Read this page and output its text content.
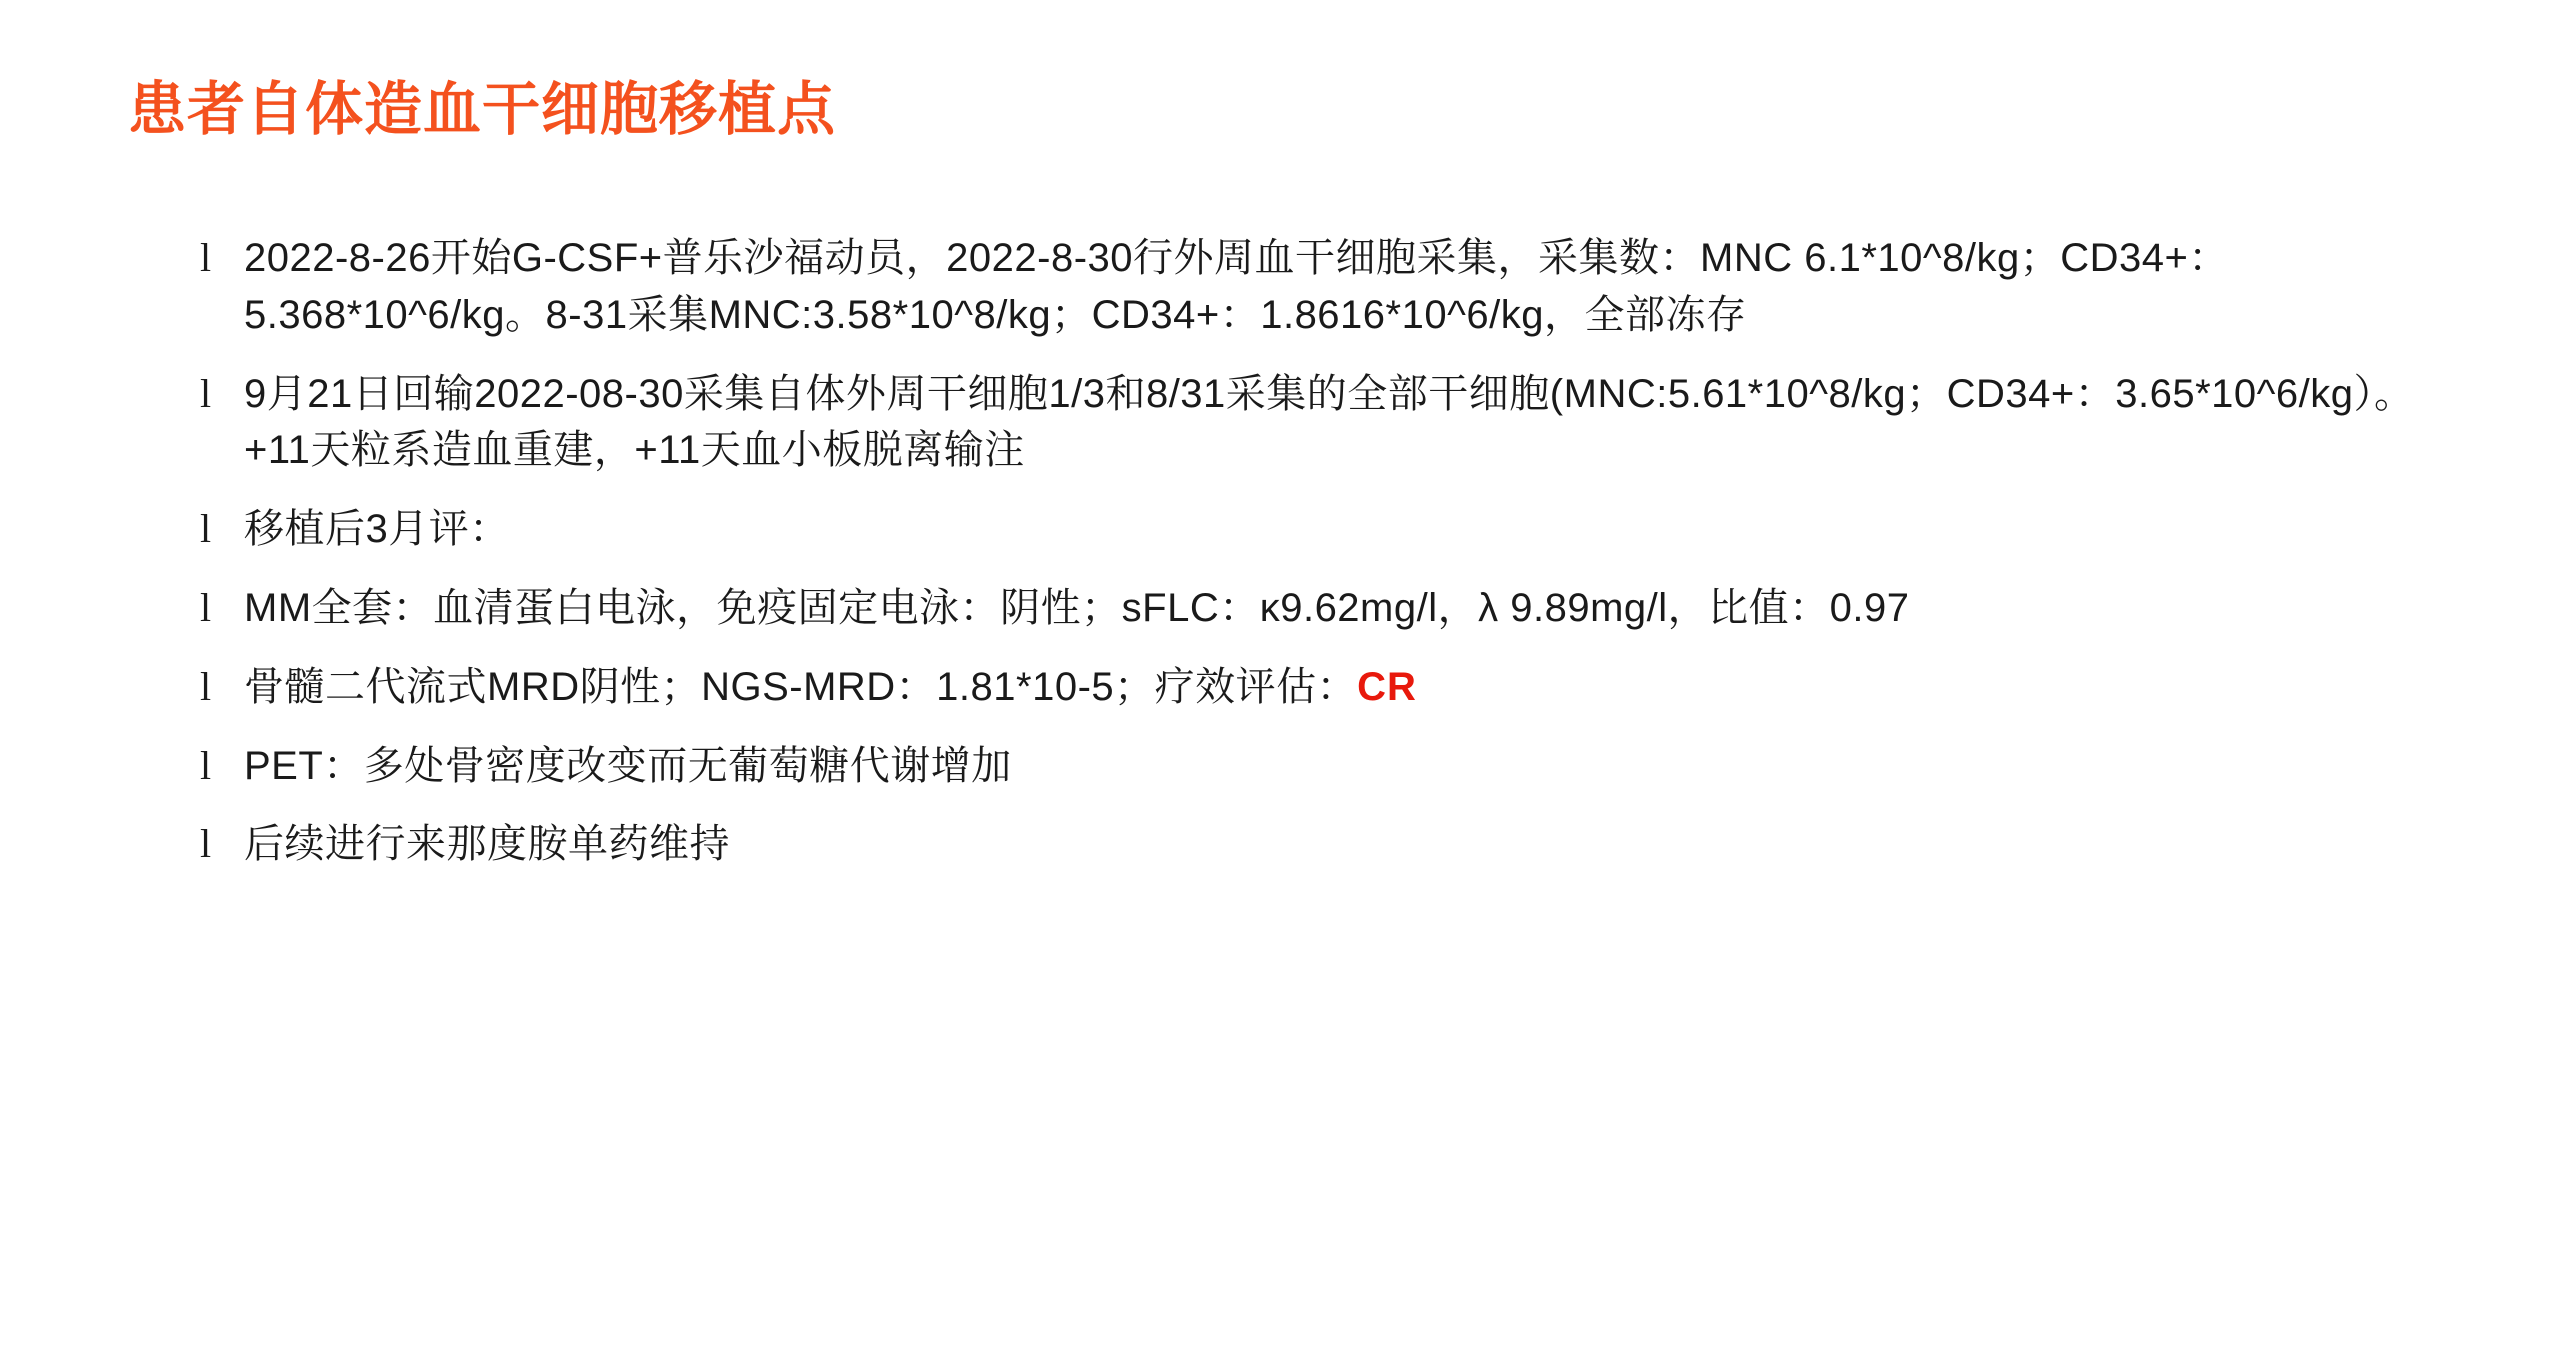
患者自体造血干细胞移植点
l 2022-8-26开始G-CSF+普乐沙福动员，2022-8-30行外周血干细胞采集，采集数：MNC 6.1*10^8/kg；CD34+：5.368*10^6/kg。8-31采集MNC:3.58*10^8/kg；CD34+：1.8616*10^6/kg，全部冻存
l 9月21日回输2022-08-30采集自体外周干细胞1/3和8/31采集的全部干细胞(MNC:5.61*10^8/kg；CD34+：3.65*10^6/kg）。+11天粒系造血重建，+11天血小板脱离输注
l 移植后3月评：
l MM全套：血清蛋白电泳，免疫固定电泳：阴性；sFLC：κ9.62mg/l，λ 9.89mg/l，比值：0.97
l 骨髓二代流式MRD阴性；NGS-MRD：1.81*10-5；疗效评估：CR
l PET：多处骨密度改变而无葡萄糖代谢增加
l 后续进行来那度胺单药维持
